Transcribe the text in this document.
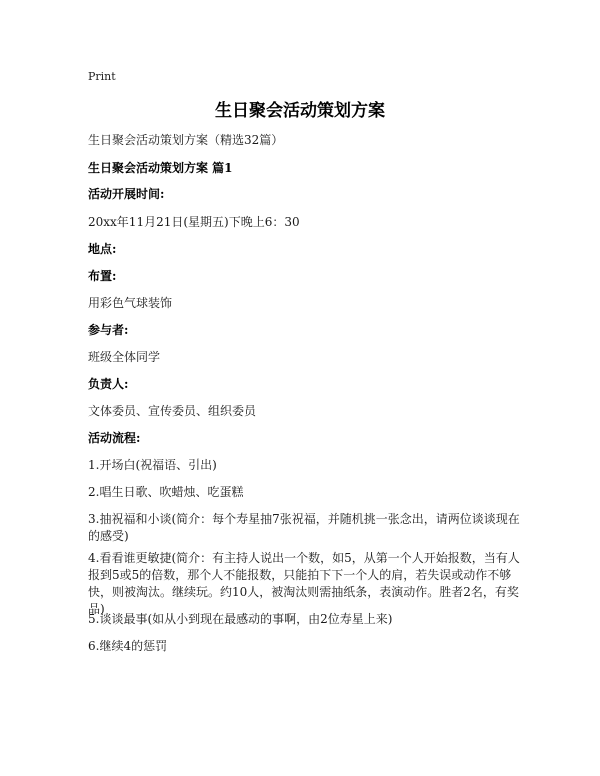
Print
生日聚会活动策划方案
生日聚会活动策划方案（精选32篇）
生日聚会活动策划方案 篇1
活动开展时间:
20xx年11月21日(星期五)下晚上6：30
地点:
布置:
用彩色气球装饰
参与者:
班级全体同学
负责人:
文体委员、宣传委员、组织委员
活动流程:
1.开场白(祝福语、引出)
2.唱生日歌、吹蜡烛、吃蛋糕
3.抽祝福和小谈(简介：每个寿星抽7张祝福，并随机挑一张念出，请两位谈谈现在的感受)
4.看看谁更敏捷(简介：有主持人说出一个数，如5，从第一个人开始报数，当有人报到5或5的倍数，那个人不能报数，只能拍下下一个人的肩，若失误或动作不够快，则被淘汰。继续玩。约10人，被淘汰则需抽纸条，表演动作。胜者2名，有奖品)
5.谈谈最事(如从小到现在最感动的事啊，由2位寿星上来)
6.继续4的惩罚
